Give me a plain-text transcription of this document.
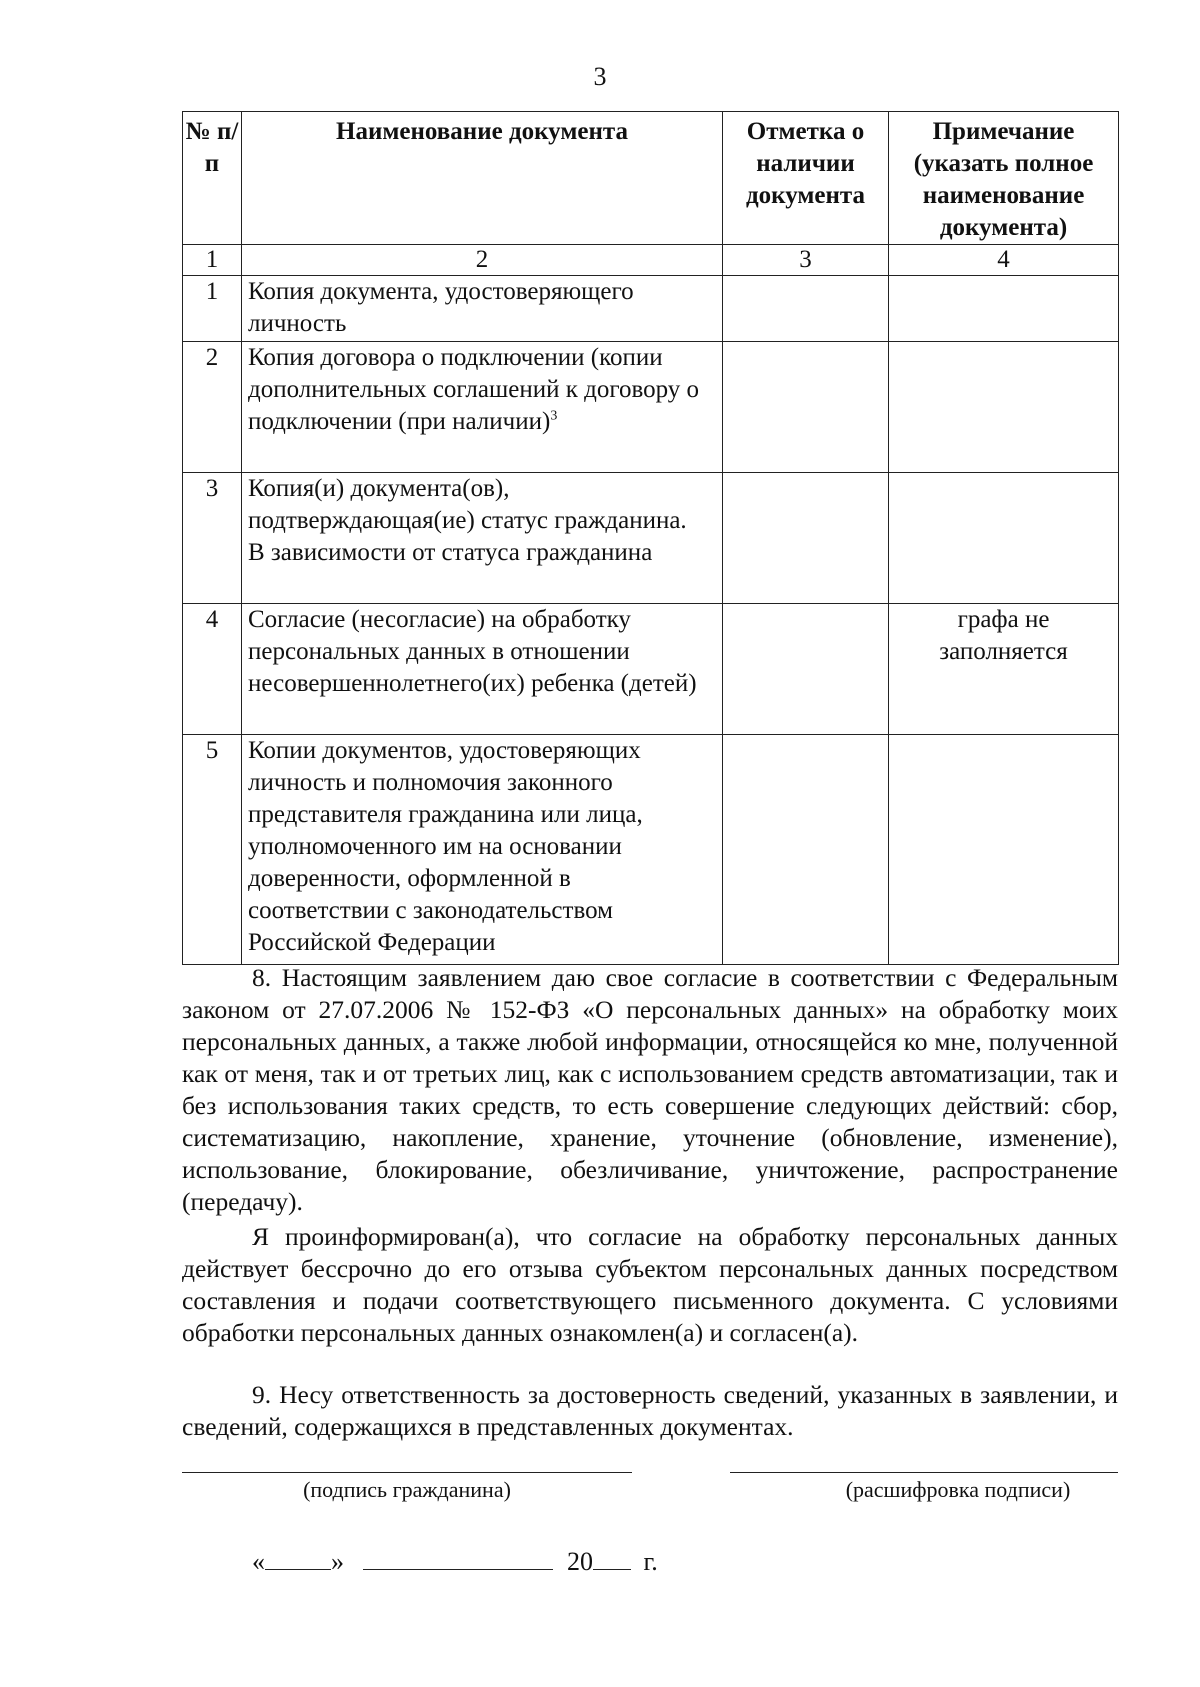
3
№ п/п	Наименование документа	Отметка о наличии документа	Примечание (указать полное наименование документа)
1	2	3	4
1	Копия документа, удостоверяющего личность		
2	Копия договора о подключении (копии дополнительных соглашений к договору о подключении (при наличии)$^3$		
3	Копия(и) документа(ов), подтверждающая(ие) статус гражданина.
В зависимости от статуса гражданина		

4	Согласие (несогласие) на обработку персональных данных в отношении несовершеннолетнего(их) ребенка (детей)		графа не заполняется
5	Копии документов, удостоверяющих личность и полномочия законного представителя гражданина или лица, уполномоченного им на основании доверенности, оформленной в соответствии с законодательством Российской Федерации		
8. Настоящим заявлением даю свое согласие в соответствии с Федеральным законом от 27.07.2006 № 152-ФЗ «О персональных данных» на обработку моих персональных данных, а также любой информации, относящейся ко мне, полученной как от меня, так и от третьих лиц, как с использованием средств автоматизации, так и без использования таких средств, то есть совершение следующих действий: сбор, систематизацию, накопление, хранение, уточнение (обновление, изменение), использование, блокирование, обезличивание, уничтожение, распространение (передачу).
Я проинформирован(а), что согласие на обработку персональных данных действует бессрочно до его отзыва субъектом персональных данных посредством составления и подачи соответствующего письменного документа. С условиями обработки персональных данных ознакомлен(а) и согласен(а).
9. Несу ответственность за достоверность сведений, указанных в заявлении, и сведений, содержащихся в представленных документах.
(подпись гражданина)	(расшифровка подписи)
«	»	20 г.
